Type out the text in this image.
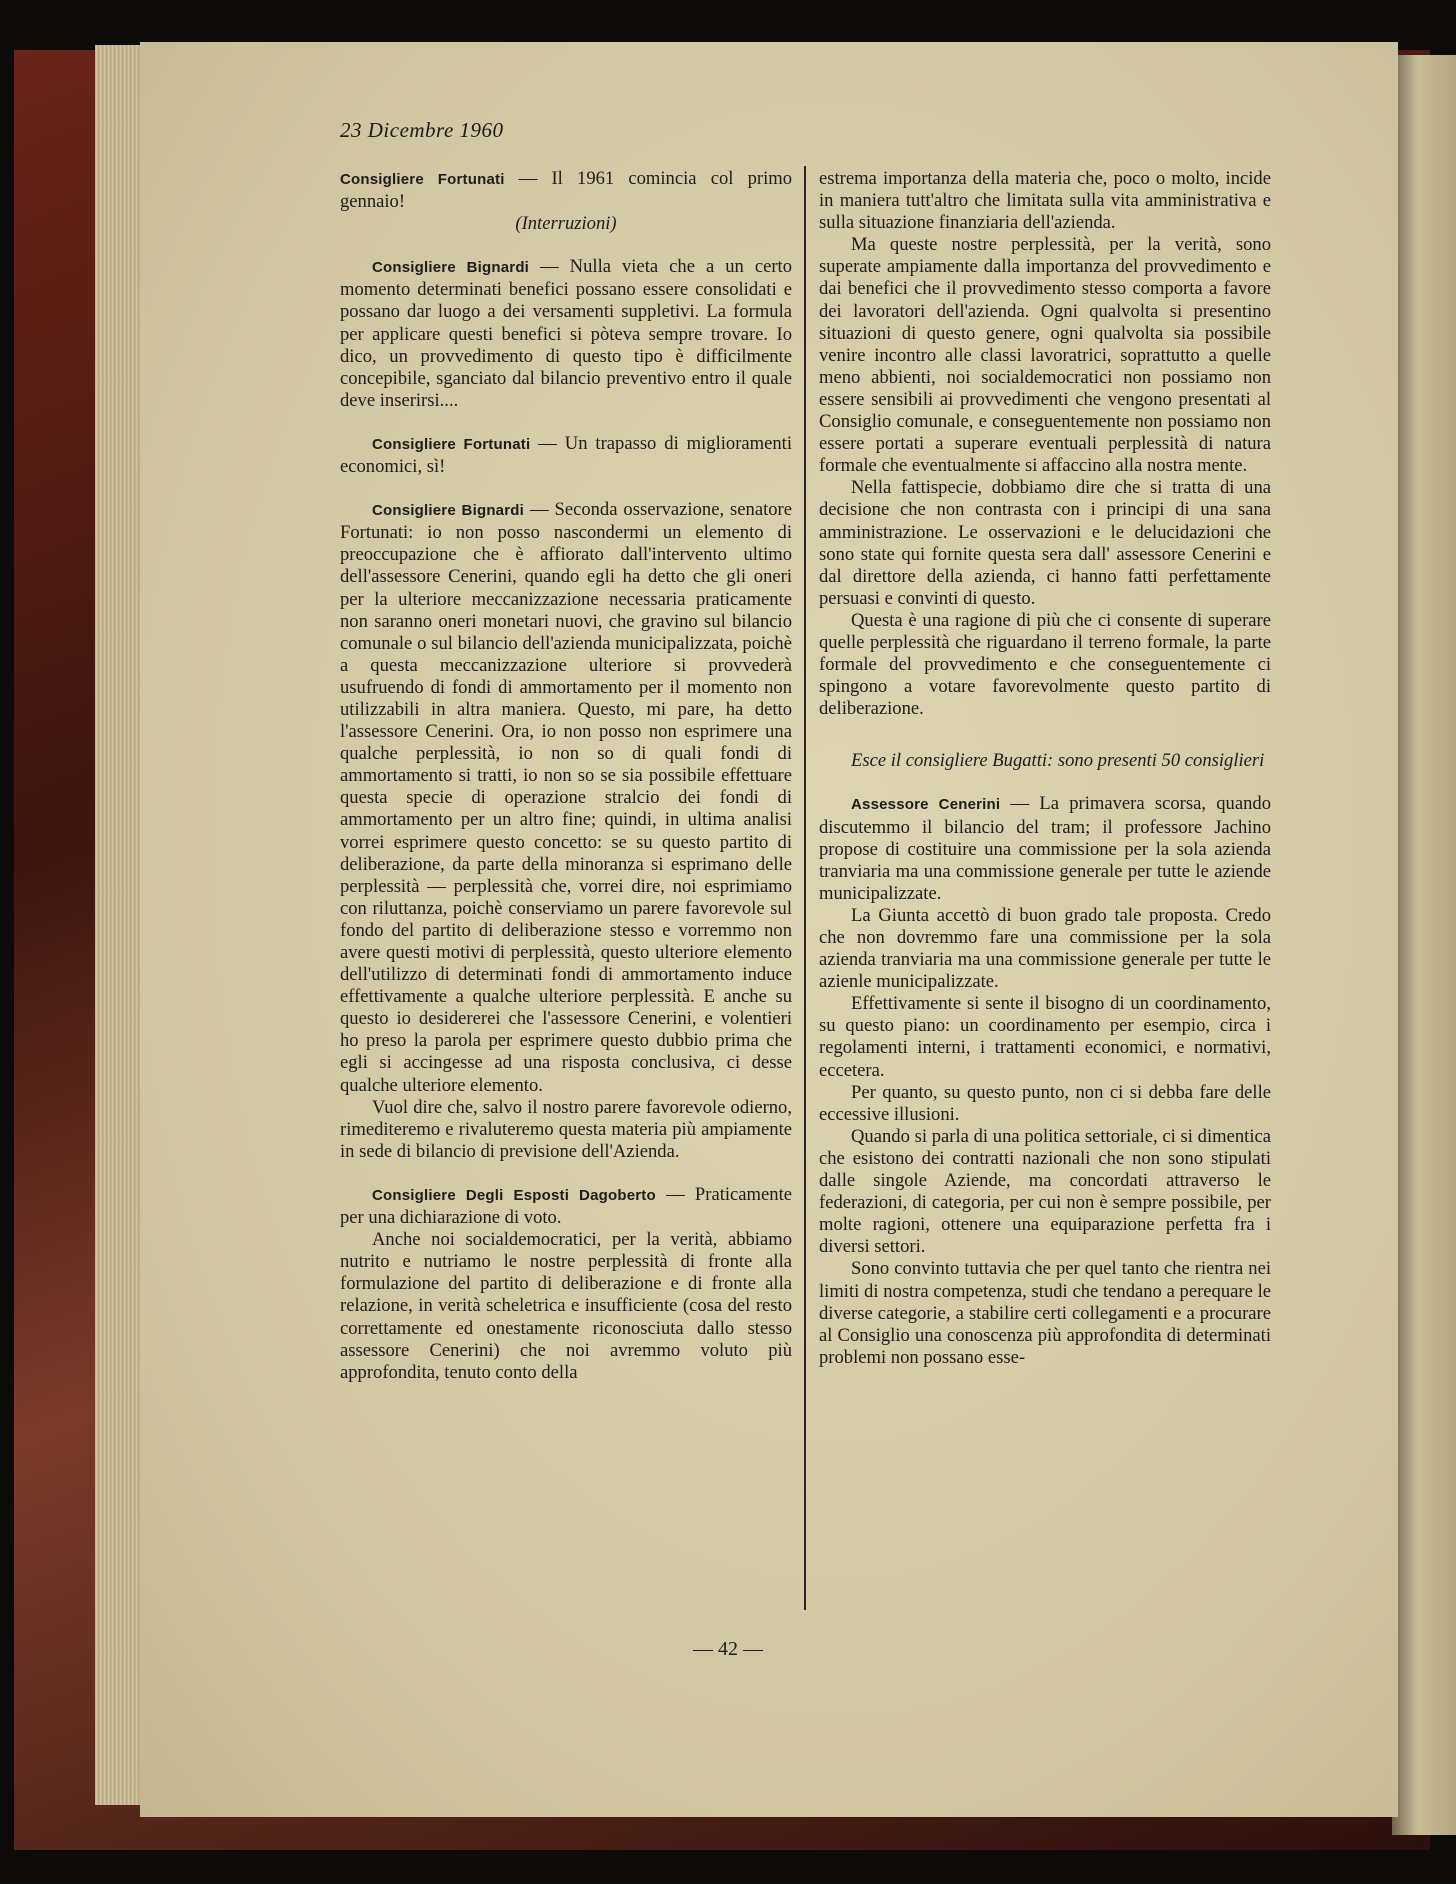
23 Dicembre 1960

Consigliere Fortunati — Il 1961 comincia col primo gennaio!

(Interruzioni)

Consigliere Bignardi — Nulla vieta che a un certo momento determinati benefici possano essere consolidati e possano dar luogo a dei versamenti suppletivi. La formula per applicare questi benefici si pòteva sempre trovare. Io dico, un provvedimento di questo tipo è difficilmente concepibile, sganciato dal bilancio preventivo entro il quale deve inserirsi....

Consigliere Fortunati — Un trapasso di miglioramenti economici, sì!

Consigliere Bignardi — Seconda osservazione, senatore Fortunati: io non posso nascondermi un elemento di preoccupazione che è affiorato dall'intervento ultimo dell'assessore Cenerini, quando egli ha detto che gli oneri per la ulteriore meccanizzazione necessaria praticamente non saranno oneri monetari nuovi, che gravino sul bilancio comunale o sul bilancio dell'azienda municipalizzata, poichè a questa meccanizzazione ulteriore si provvederà usufruendo di fondi di ammortamento per il momento non utilizzabili in altra maniera. Questo, mi pare, ha detto l'assessore Cenerini. Ora, io non posso non esprimere una qualche perplessità, io non so di quali fondi di ammortamento si tratti, io non so se sia possibile effettuare questa specie di operazione stralcio dei fondi di ammortamento per un altro fine; quindi, in ultima analisi vorrei esprimere questo concetto: se su questo partito di deliberazione, da parte della minoranza si esprimano delle perplessità — perplessità che, vorrei dire, noi esprimiamo con riluttanza, poichè conserviamo un parere favorevole sul fondo del partito di deliberazione stesso e vorremmo non avere questi motivi di perplessità, questo ulteriore elemento dell'utilizzo di determinati fondi di ammortamento induce effettivamente a qualche ulteriore perplessità. E anche su questo io desidererei che l'assessore Cenerini, e volentieri ho preso la parola per esprimere questo dubbio prima che egli si accingesse ad una risposta conclusiva, ci desse qualche ulteriore elemento.

Vuol dire che, salvo il nostro parere favorevole odierno, rimediteremo e rivaluteremo questa materia più ampiamente in sede di bilancio di previsione dell'Azienda.

Consigliere Degli Esposti Dagoberto — Praticamente per una dichiarazione di voto.

Anche noi socialdemocratici, per la verità, abbiamo nutrito e nutriamo le nostre perplessità di fronte alla formulazione del partito di deliberazione e di fronte alla relazione, in verità scheletrica e insufficiente (cosa del resto correttamente ed onestamente riconosciuta dallo stesso assessore Cenerini) che noi avremmo voluto più approfondita, tenuto conto della

estrema importanza della materia che, poco o molto, incide in maniera tutt'altro che limitata sulla vita amministrativa e sulla situazione finanziaria dell'azienda.

Ma queste nostre perplessità, per la verità, sono superate ampiamente dalla importanza del provvedimento e dai benefici che il provvedimento stesso comporta a favore dei lavoratori dell'azienda. Ogni qualvolta si presentino situazioni di questo genere, ogni qualvolta sia possibile venire incontro alle classi lavoratrici, soprattutto a quelle meno abbienti, noi socialdemocratici non possiamo non essere sensibili ai provvedimenti che vengono presentati al Consiglio comunale, e conseguentemente non possiamo non essere portati a superare eventuali perplessità di natura formale che eventualmente si affaccino alla nostra mente.

Nella fattispecie, dobbiamo dire che si tratta di una decisione che non contrasta con i principi di una sana amministrazione. Le osservazioni e le delucidazioni che sono state qui fornite questa sera dall' assessore Cenerini e dal direttore della azienda, ci hanno fatti perfettamente persuasi e convinti di questo.

Questa è una ragione di più che ci consente di superare quelle perplessità che riguardano il terreno formale, la parte formale del provvedimento e che conseguentemente ci spingono a votare favorevolmente questo partito di deliberazione.

Esce il consigliere Bugatti: sono presenti 50 consiglieri

Assessore Cenerini — La primavera scorsa, quando discutemmo il bilancio del tram; il professore Jachino propose di costituire una commissione per la sola azienda tranviaria ma una commissione generale per tutte le aziende municipalizzate.

La Giunta accettò di buon grado tale proposta. Credo che non dovremmo fare una commissione per la sola azienda tranviaria ma una commissione generale per tutte le azienle municipalizzate.

Effettivamente si sente il bisogno di un coordinamento, su questo piano: un coordinamento per esempio, circa i regolamenti interni, i trattamenti economici, e normativi, eccetera.

Per quanto, su questo punto, non ci si debba fare delle eccessive illusioni.

Quando si parla di una politica settoriale, ci si dimentica che esistono dei contratti nazionali che non sono stipulati dalle singole Aziende, ma concordati attraverso le federazioni, di categoria, per cui non è sempre possibile, per molte ragioni, ottenere una equiparazione perfetta fra i diversi settori.

Sono convinto tuttavia che per quel tanto che rientra nei limiti di nostra competenza, studi che tendano a perequare le diverse categorie, a stabilire certi collegamenti e a procurare al Consiglio una conoscenza più approfondita di determinati problemi non possano esse-

— 42 —
